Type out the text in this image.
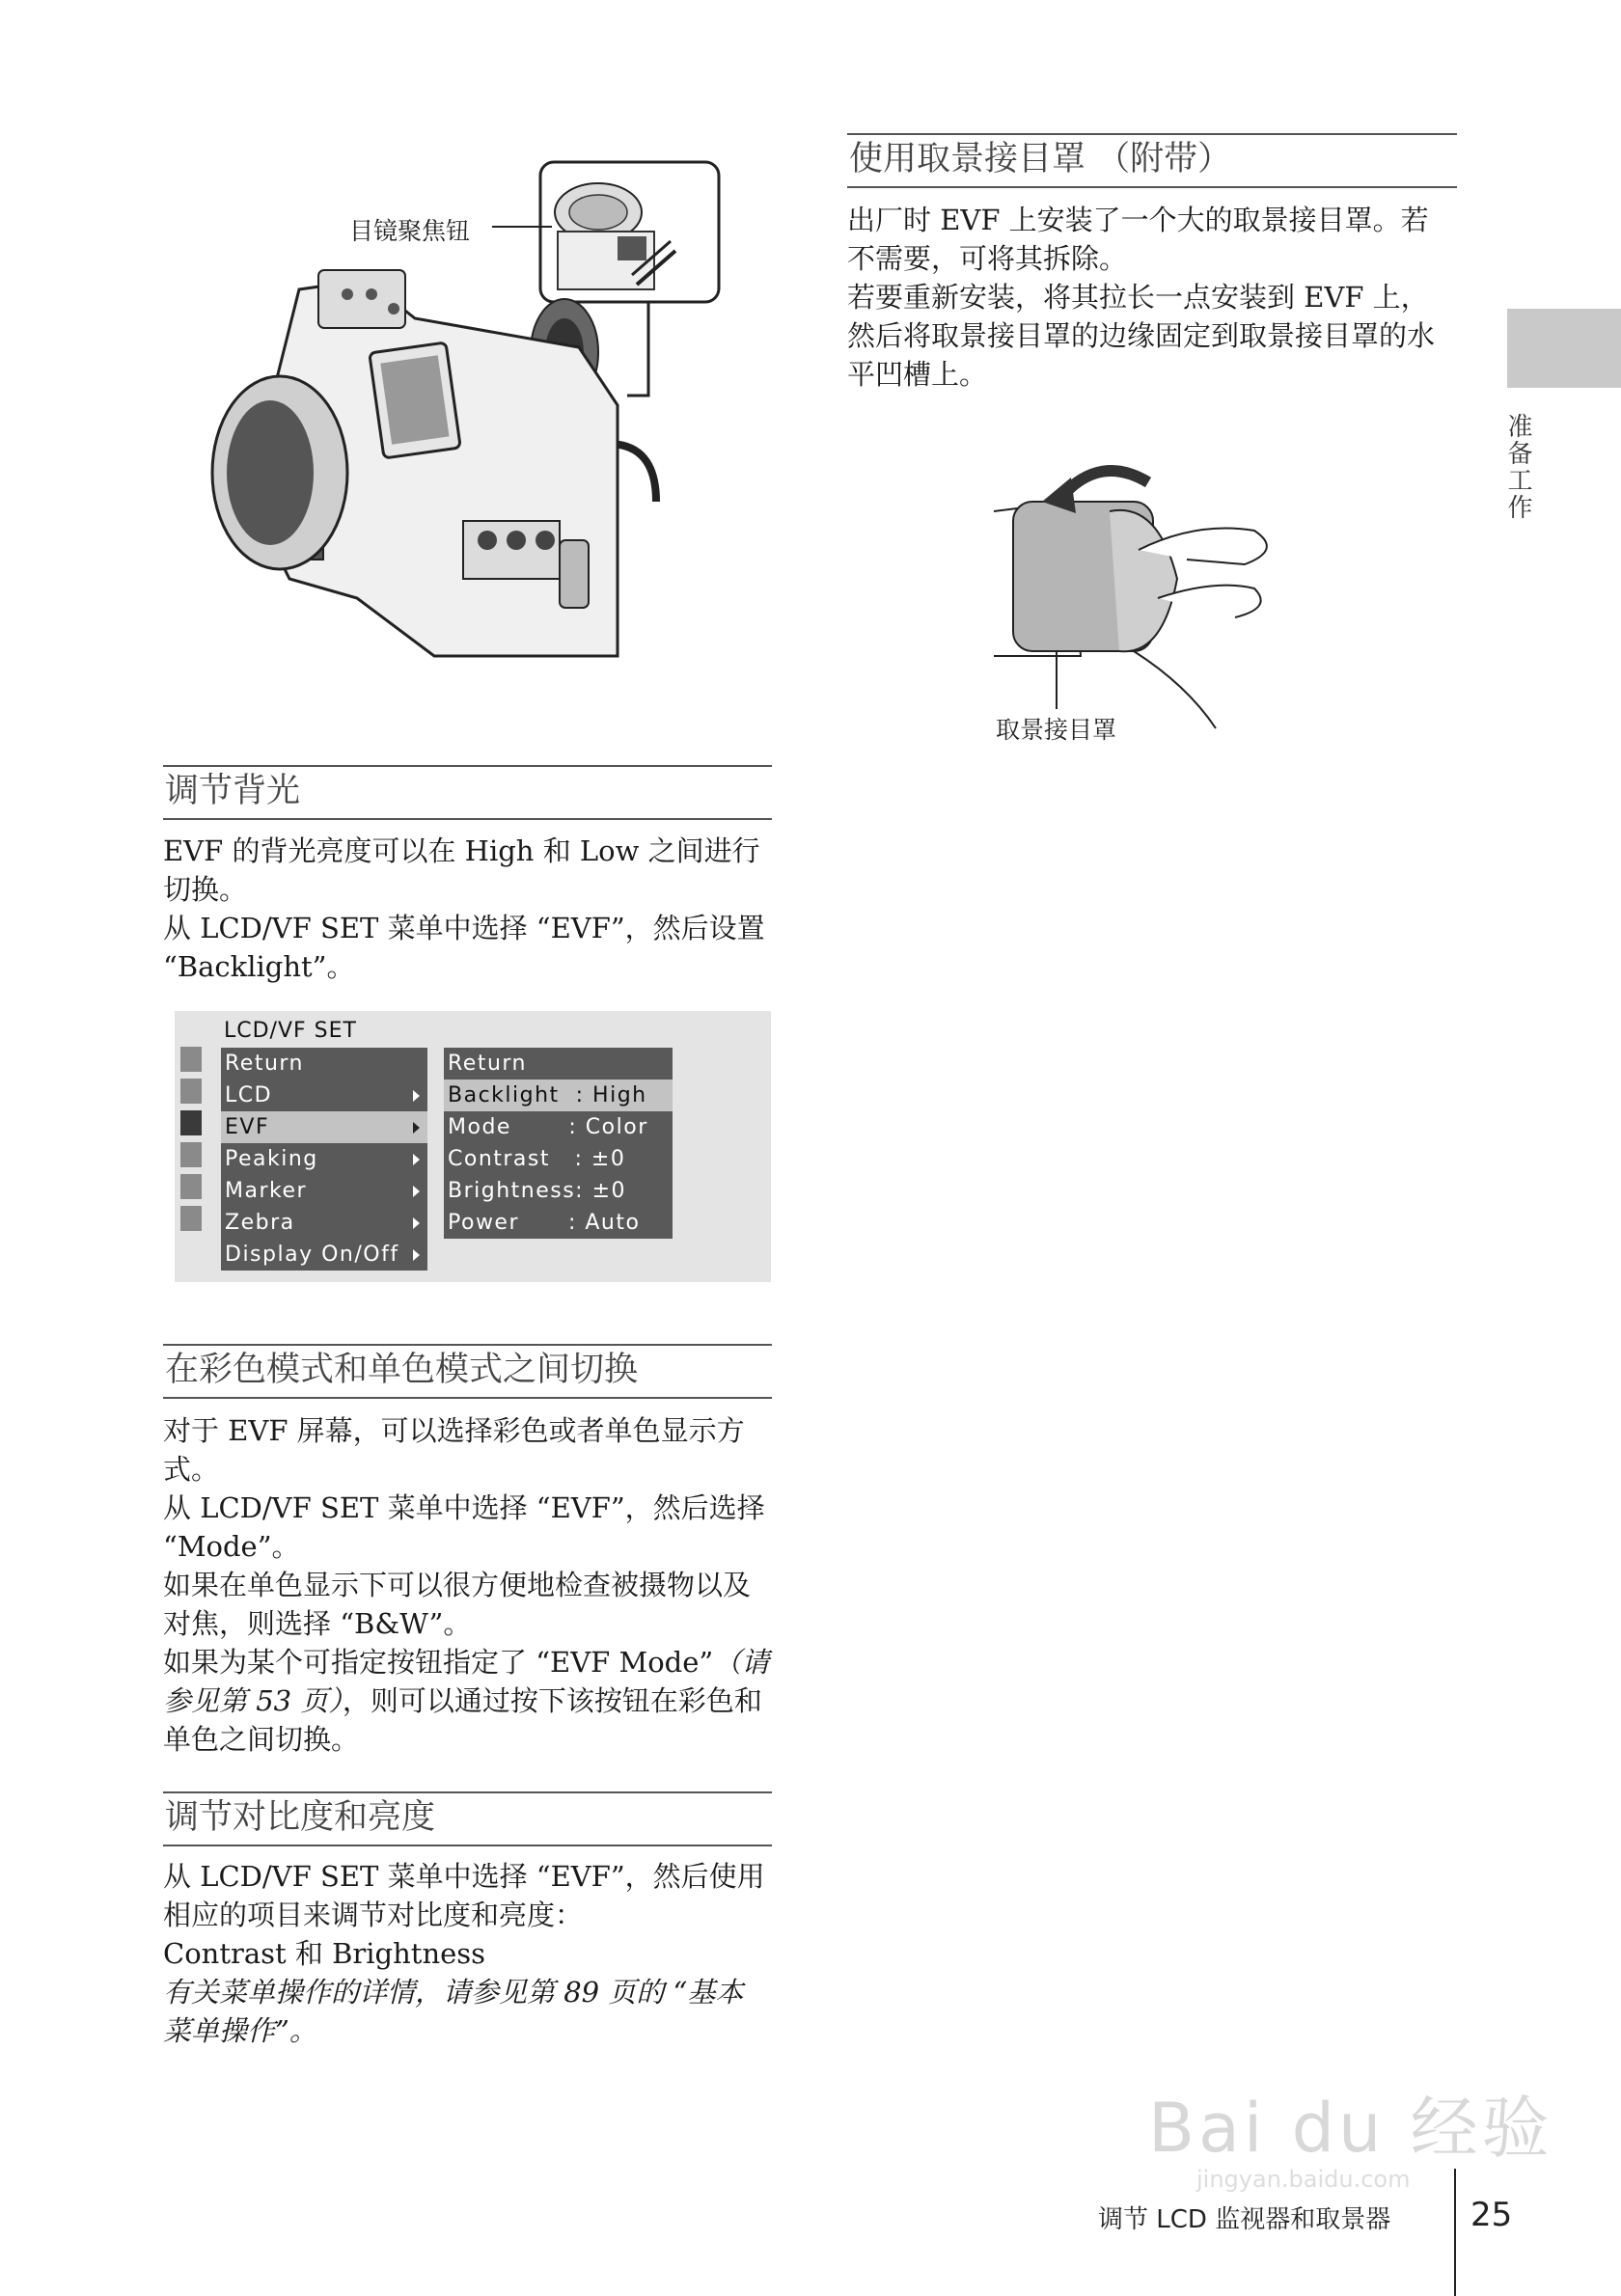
目镜聚焦钮
取景接目罩
调节背光

EVF 的背光亮度可以在 High 和 Low 之间进行切换。

从 LCD/VF SET 菜单中选择 “EVF”，然后设置 “Backlight”。

LCD/VF SET
Return
LCD
EVF
Peaking
Marker
Zebra
Display On/Off
Return
Backlight  : High
Mode       : Color
Contrast   : ±0
Brightness: ±0
Power      : Auto
在彩色模式和单色模式之间切换

对于 EVF 屏幕，可以选择彩色或者单色显示方式。

从 LCD/VF SET 菜单中选择 “EVF”，然后选择 “Mode”。

如果在单色显示下可以很方便地检查被摄物以及对焦，则选择 “B&W”。

如果为某个可指定按钮指定了 “EVF Mode”（请参见第 53 页），则可以通过按下该按钮在彩色和单色之间切换。

调节对比度和亮度

从 LCD/VF SET 菜单中选择 “EVF”，然后使用相应的项目来调节对比度和亮度：

Contrast 和 Brightness

有关菜单操作的详情，请参见第 89 页的 “基本菜单操作”。

使用取景接目罩 （附带）

出厂时 EVF 上安装了一个大的取景接目罩。若不需要，可将其拆除。

若要重新安装，将其拉长一点安装到 EVF 上，然后将取景接目罩的边缘固定到取景接目罩的水平凹槽上。

准备工作
Bai du 经验
jingyan.baidu.com
调节 LCD 监视器和取景器 25
